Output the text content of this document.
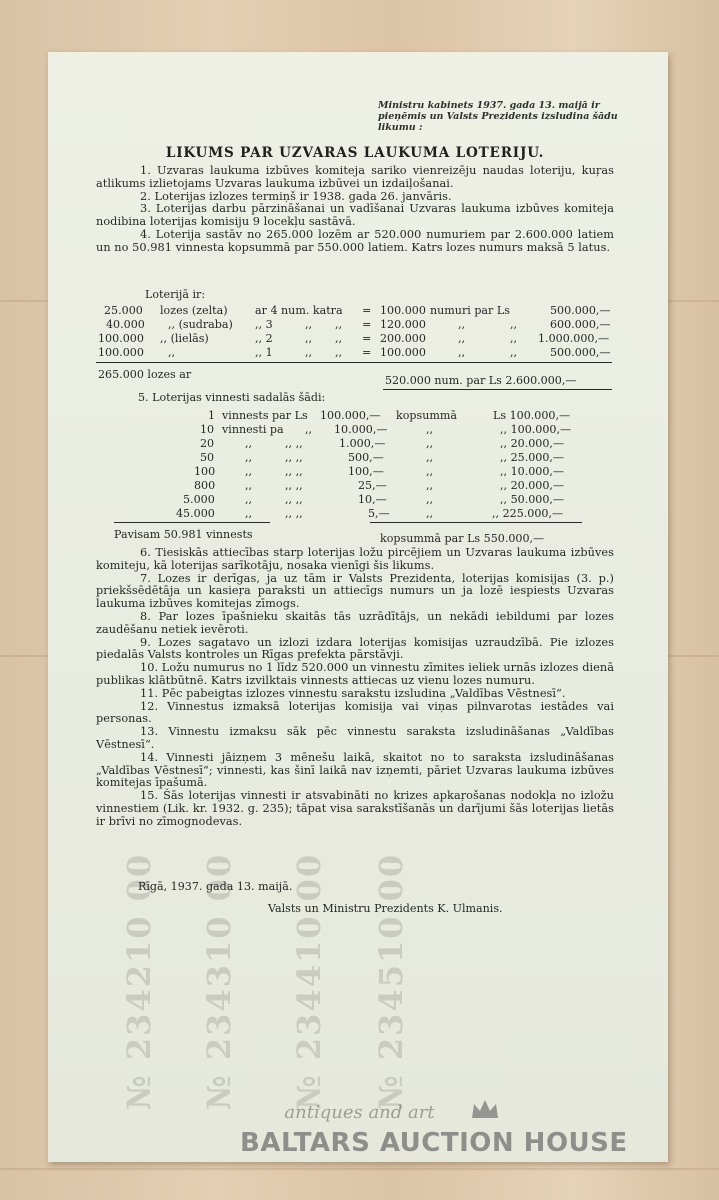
№ 234210 00 № 234310 00 № 234410 00 № 234510 00
Ministru kabinets 1937. gada 13. maijā ir pieņēmis un Valsts Prezidents izsludina šādu likumu :
LIKUMS PAR UZVARAS LAUKUMA LOTERIJU.

1. Uzvaras laukuma izbūves komiteja sariko vienreizēju naudas loteriju, kuŗas atlikums izlietojams Uzvaras laukuma izbūvei un izdaiļošanai.

2. Loterijas izlozes termiņš ir 1938. gada 26. janvāris.

3. Loterijas darbu pārzināšanai un vadīšanai Uzvaras laukuma izbūves komiteja nodibina loterijas komisiju 9 locekļu sastāvā.

4. Loterija sastāv no 265.000 lozēm ar 520.000 numuriem par 2.600.000 latiem un no 50.981 vinnesta kopsummā par 550.000 latiem. Katrs lozes numurs maksā 5 latus.

Loterijā ir:
25.000 lozes (zelta) ar 4 num. katra = 100.000 numuri par Ls	500.000,—
40.000 ,, (sudraba) ,, 3	,, ,, = 120.000	,,	,,	600.000,—
100.000 ,, (lielās)	,, 2	,, ,, = 200.000	,,	,, 1.000.000,—
100.000 ,,	,, 1	,, ,, = 100.000	,,	,,	500.000,—
265.000 lozes ar	520.000 num. par Ls 2.600.000,—
5. Loterijas vinnesti sadalās šādi:
1 vinnests par Ls 100.000,— kopsummā	Ls 100.000,—
10 vinnesti pa ,, 10.000,—	,,	,, 100.000,—
20	,,	,, ,,	1.000,—	,,	,, 20.000,—
50	,,	,, ,,	500,—	,,	,, 25.000,—
100	,,	,, ,,	100,—	,,	,, 10.000,—
800	,,	,, ,,	25,—	,,	,, 20.000,—
5.000	,,	,, ,,	10,—	,,	,, 50.000,—
45.000	,,	,, ,,	5,—	,,	,, 225.000,—
Pavisam 50.981 vinnests	kopsummā par Ls 550.000,—

6. Tiesiskās attiecības starp loterijas ložu pircējiem un Uzvaras laukuma izbūves komiteju, kā loterijas sarīkotāju, nosaka vienīgi šis likums.

7. Lozes ir derīgas, ja uz tām ir Valsts Prezidenta, loterijas komisijas (3. p.) priekšsēdētāja un kasieŗa paraksti un attiecīgs numurs un ja lozē iespiests Uzvaras laukuma izbūves komitejas zīmogs.

8. Par lozes īpašnieku skaitās tās uzrādītājs, un nekādi iebildumi par lozes zaudēšanu netiek ievēroti.

9. Lozes sagatavo un izlozi izdara loterijas komisijas uzraudzībā. Pie izlozes piedalās Valsts kontroles un Rīgas prefekta pārstāvji.

10. Ložu numurus no 1 līdz 520.000 un vinnestu zīmites ieliek urnās izlozes dienā publikas klātbūtnē. Katrs izvilktais vinnests attiecas uz vienu lozes numuru.

11. Pēc pabeigtas izlozes vinnestu sarakstu izsludina „Valdības Vēstnesī“.

12. Vinnestus izmaksā loterijas komisija vai viņas pilnvarotas iestādes vai personas.

13. Vinnestu izmaksu sāk pēc vinnestu saraksta izsludināšanas „Valdības Vēstnesī“.

14. Vinnesti jāizņem 3 mēnešu laikā, skaitot no to saraksta izsludināšanas „Valdības Vēstnesī“; vinnesti, kas šinī laikā nav izņemti, pāriet Uzvaras laukuma izbūves komitejas īpašumā.

15. Šās loterijas vinnesti ir atsvabināti no krizes apkaŗošanas nodokļa no izložu vinnestiem (Lik. kr. 1932. g. 235); tāpat visa sarakstīšanās un darījumi šās loterijas lietās ir brīvi no zīmognodevas.

Rīgā, 1937. gada 13. maijā.
Valsts un Ministru Prezidents K. Ulmanis.
antiques and art
BALTARS AUCTION HOUSE
